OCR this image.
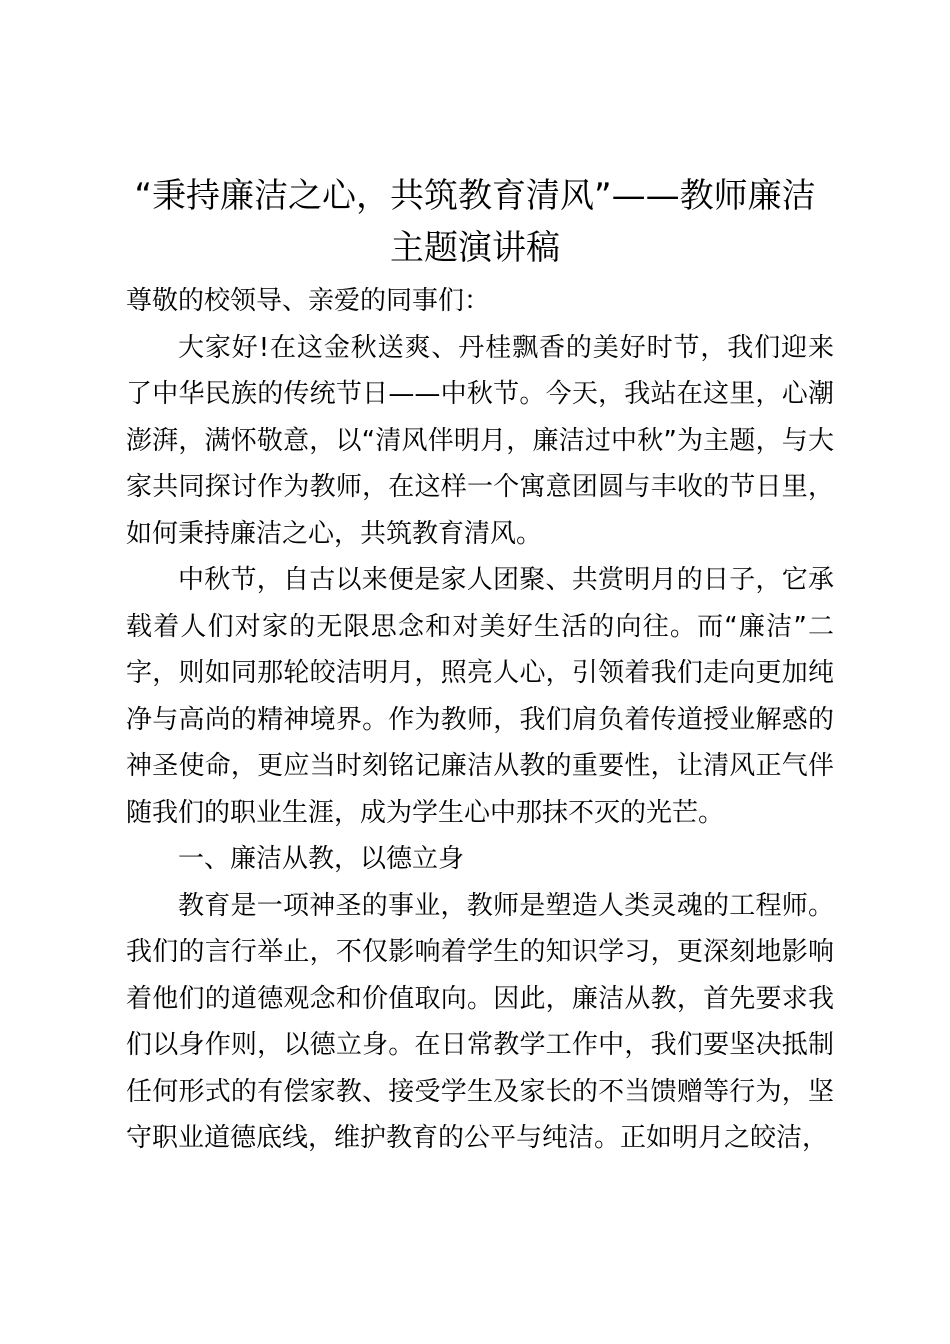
“秉持廉洁之心，共筑教育清风”——教师廉洁
主题演讲稿

尊敬的校领导、亲爱的同事们：

大家好!在这金秋送爽、丹桂飘香的美好时节，我们迎来了中华民族的传统节日——中秋节。今天，我站在这里，心潮澎湃，满怀敬意，以“清风伴明月，廉洁过中秋”为主题，与大家共同探讨作为教师，在这样一个寓意团圆与丰收的节日里，如何秉持廉洁之心，共筑教育清风。

中秋节，自古以来便是家人团聚、共赏明月的日子，它承载着人们对家的无限思念和对美好生活的向往。而“廉洁”二字，则如同那轮皎洁明月，照亮人心，引领着我们走向更加纯净与高尚的精神境界。作为教师，我们肩负着传道授业解惑的神圣使命，更应当时刻铭记廉洁从教的重要性，让清风正气伴随我们的职业生涯，成为学生心中那抹不灭的光芒。

一、廉洁从教，以德立身

教育是一项神圣的事业，教师是塑造人类灵魂的工程师。我们的言行举止，不仅影响着学生的知识学习，更深刻地影响着他们的道德观念和价值取向。因此，廉洁从教，首先要求我们以身作则，以德立身。在日常教学工作中，我们要坚决抵制任何形式的有偿家教、接受学生及家长的不当馈赠等行为，坚守职业道德底线，维护教育的公平与纯洁。正如明月之皎洁，
